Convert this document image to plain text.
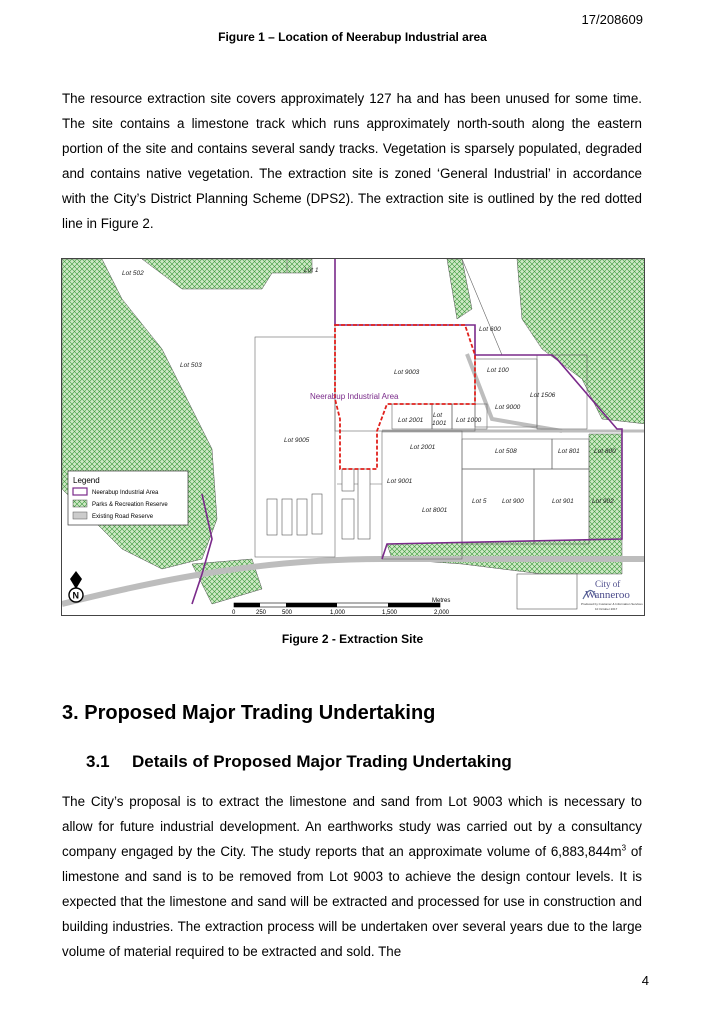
17/208609
Figure 1 – Location of Neerabup Industrial area

The resource extraction site covers approximately 127 ha and has been unused for some time. The site contains a limestone track which runs approximately north-south along the eastern portion of the site and contains several sandy tracks. Vegetation is sparsely populated, degraded and contains native vegetation. The extraction site is zoned ‘General Industrial’ in accordance with the City’s District Planning Scheme (DPS2). The extraction site is outlined by the red dotted line in Figure 2.

Lot 502	Lot 1
Lot 503
Lot 600
Lot 9003	Lot 100
Lot 1506
Lot 9000
Lot 2001
Lot
1001 Lot 1000
Lot 9005
Lot 2001
Lot 508	Lot 801 Lot 800
Lot 9001
Lot 8001
Lot 5 Lot 900	Lot 901	Lot 902
Neerabup Industrial Area
Legend
Neerabup Industrial Area
Parks & Recreation Reserve
Existing Road Reserve
N
0	250	500	1,000	1,500	2,000
Metres
City of
Wanneroo
Produced by Customer & Information Services
10 October 2017
Figure 2 - Extraction Site
3. Proposed Major Trading Undertaking
3.1 Details of Proposed Major Trading Undertaking

The City’s proposal is to extract the limestone and sand from Lot 9003 which is necessary to allow for future industrial development. An earthworks study was carried out by a consultancy company engaged by the City. The study reports that an approximate volume of $6,883,844m^3$ of limestone and sand is to be removed from Lot 9003 to achieve the design contour levels. It is expected that the limestone and sand will be extracted and processed for use in construction and building industries. The extraction process will be undertaken over several years due to the large volume of material required to be extracted and sold. The

4
